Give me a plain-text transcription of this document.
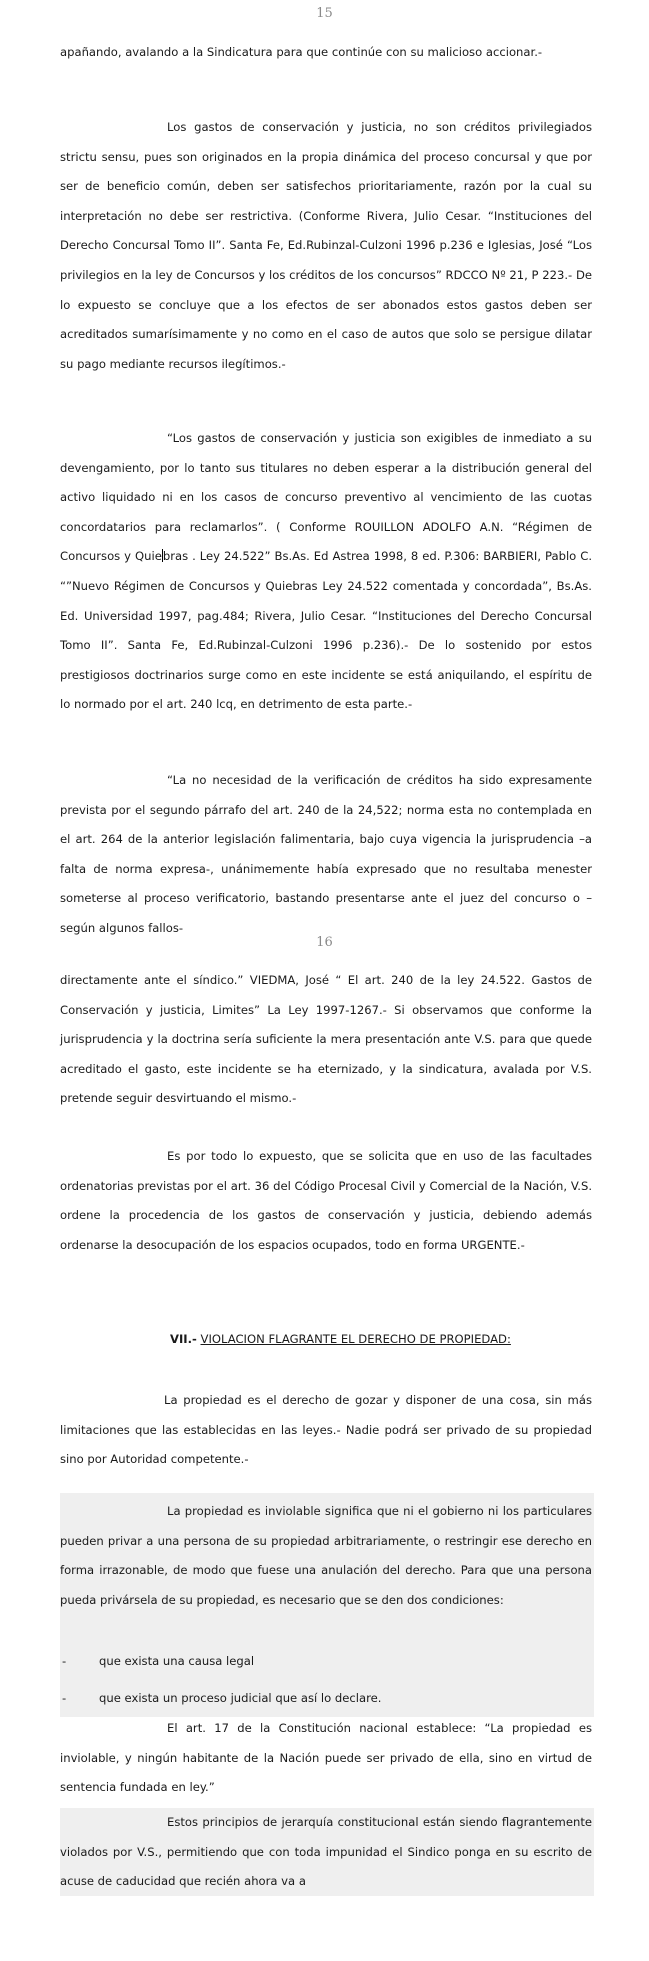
15

apañando, avalando a la Sindicatura para que continúe con su malicioso accionar.-

Los gastos de conservación y justicia, no son créditos privilegiados strictu sensu, pues son originados en la propia dinámica del proceso concursal y que por ser de beneficio común, deben ser satisfechos prioritariamente, razón por la cual su interpretación no debe ser restrictiva. (Conforme Rivera, Julio Cesar. “Instituciones del Derecho Concursal Tomo II”. Santa Fe, Ed.Rubinzal-Culzoni 1996 p.236 e Iglesias, José “Los privilegios en la ley de Concursos y los créditos de los concursos” RDCCO Nº 21, P 223.- De lo expuesto se concluye que a los efectos de ser abonados estos gastos deben ser acreditados sumarísimamente y no como en el caso de autos que solo se persigue dilatar su pago mediante recursos ilegítimos.-

“Los gastos de conservación y justicia son exigibles de inmediato a su devengamiento, por lo tanto sus titulares no deben esperar a la distribución general del activo liquidado ni en los casos de concurso preventivo al vencimiento de las cuotas concordatarios para reclamarlos”. ( Conforme ROUILLON ADOLFO A.N. “Régimen de Concursos y Quiebras . Ley 24.522” Bs.As. Ed Astrea 1998, 8 ed. P.306: BARBIERI, Pablo C. “”Nuevo Régimen de Concursos y Quiebras Ley 24.522 comentada y concordada”, Bs.As. Ed. Universidad 1997, pag.484; Rivera, Julio Cesar. “Instituciones del Derecho Concursal Tomo II”. Santa Fe, Ed.Rubinzal-Culzoni 1996 p.236).- De lo sostenido por estos prestigiosos doctrinarios surge como en este incidente se está aniquilando, el espíritu de lo normado por el art. 240 lcq, en detrimento de esta parte.-

“La no necesidad de la verificación de créditos ha sido expresamente prevista por el segundo párrafo del art. 240 de la 24,522; norma esta no contemplada en el art. 264 de la anterior legislación falimentaria, bajo cuya vigencia la jurisprudencia –a falta de norma expresa-, unánimemente había expresado que no resultaba menester someterse al proceso verificatorio, bastando presentarse ante el juez del concurso o –según algunos fallos-

16

directamente ante el síndico.” VIEDMA, José “ El art. 240 de la ley 24.522. Gastos de Conservación y justicia, Limites” La Ley 1997-1267.- Si observamos que conforme la jurisprudencia y la doctrina sería suficiente la mera presentación ante V.S. para que quede acreditado el gasto, este incidente se ha eternizado, y la sindicatura, avalada por V.S. pretende seguir desvirtuando el mismo.-

Es por todo lo expuesto, que se solicita que en uso de las facultades ordenatorias previstas por el art. 36 del Código Procesal Civil y Comercial de la Nación, V.S. ordene la procedencia de los gastos de conservación y justicia, debiendo además ordenarse la desocupación de los espacios ocupados, todo en forma URGENTE.-

VII.- VIOLACION FLAGRANTE EL DERECHO DE PROPIEDAD:

La propiedad es el derecho de gozar y disponer de una cosa, sin más limitaciones que las establecidas en las leyes.- Nadie podrá ser privado de su propiedad sino por Autoridad competente.-

La propiedad es inviolable significa que ni el gobierno ni los particulares pueden privar a una persona de su propiedad arbitrariamente, o restringir ese derecho en forma irrazonable, de modo que fuese una anulación del derecho. Para que una persona pueda privársela de su propiedad, es necesario que se den dos condiciones:

-	que exista una causa legal
-	que exista un proceso judicial que así lo declare.

El art. 17 de la Constitución nacional establece: “La propiedad es inviolable, y ningún habitante de la Nación puede ser privado de ella, sino en virtud de sentencia fundada en ley.”

Estos principios de jerarquía constitucional están siendo flagrantemente violados por V.S., permitiendo que con toda impunidad el Sindico ponga en su escrito de acuse de caducidad que recién ahora va a
